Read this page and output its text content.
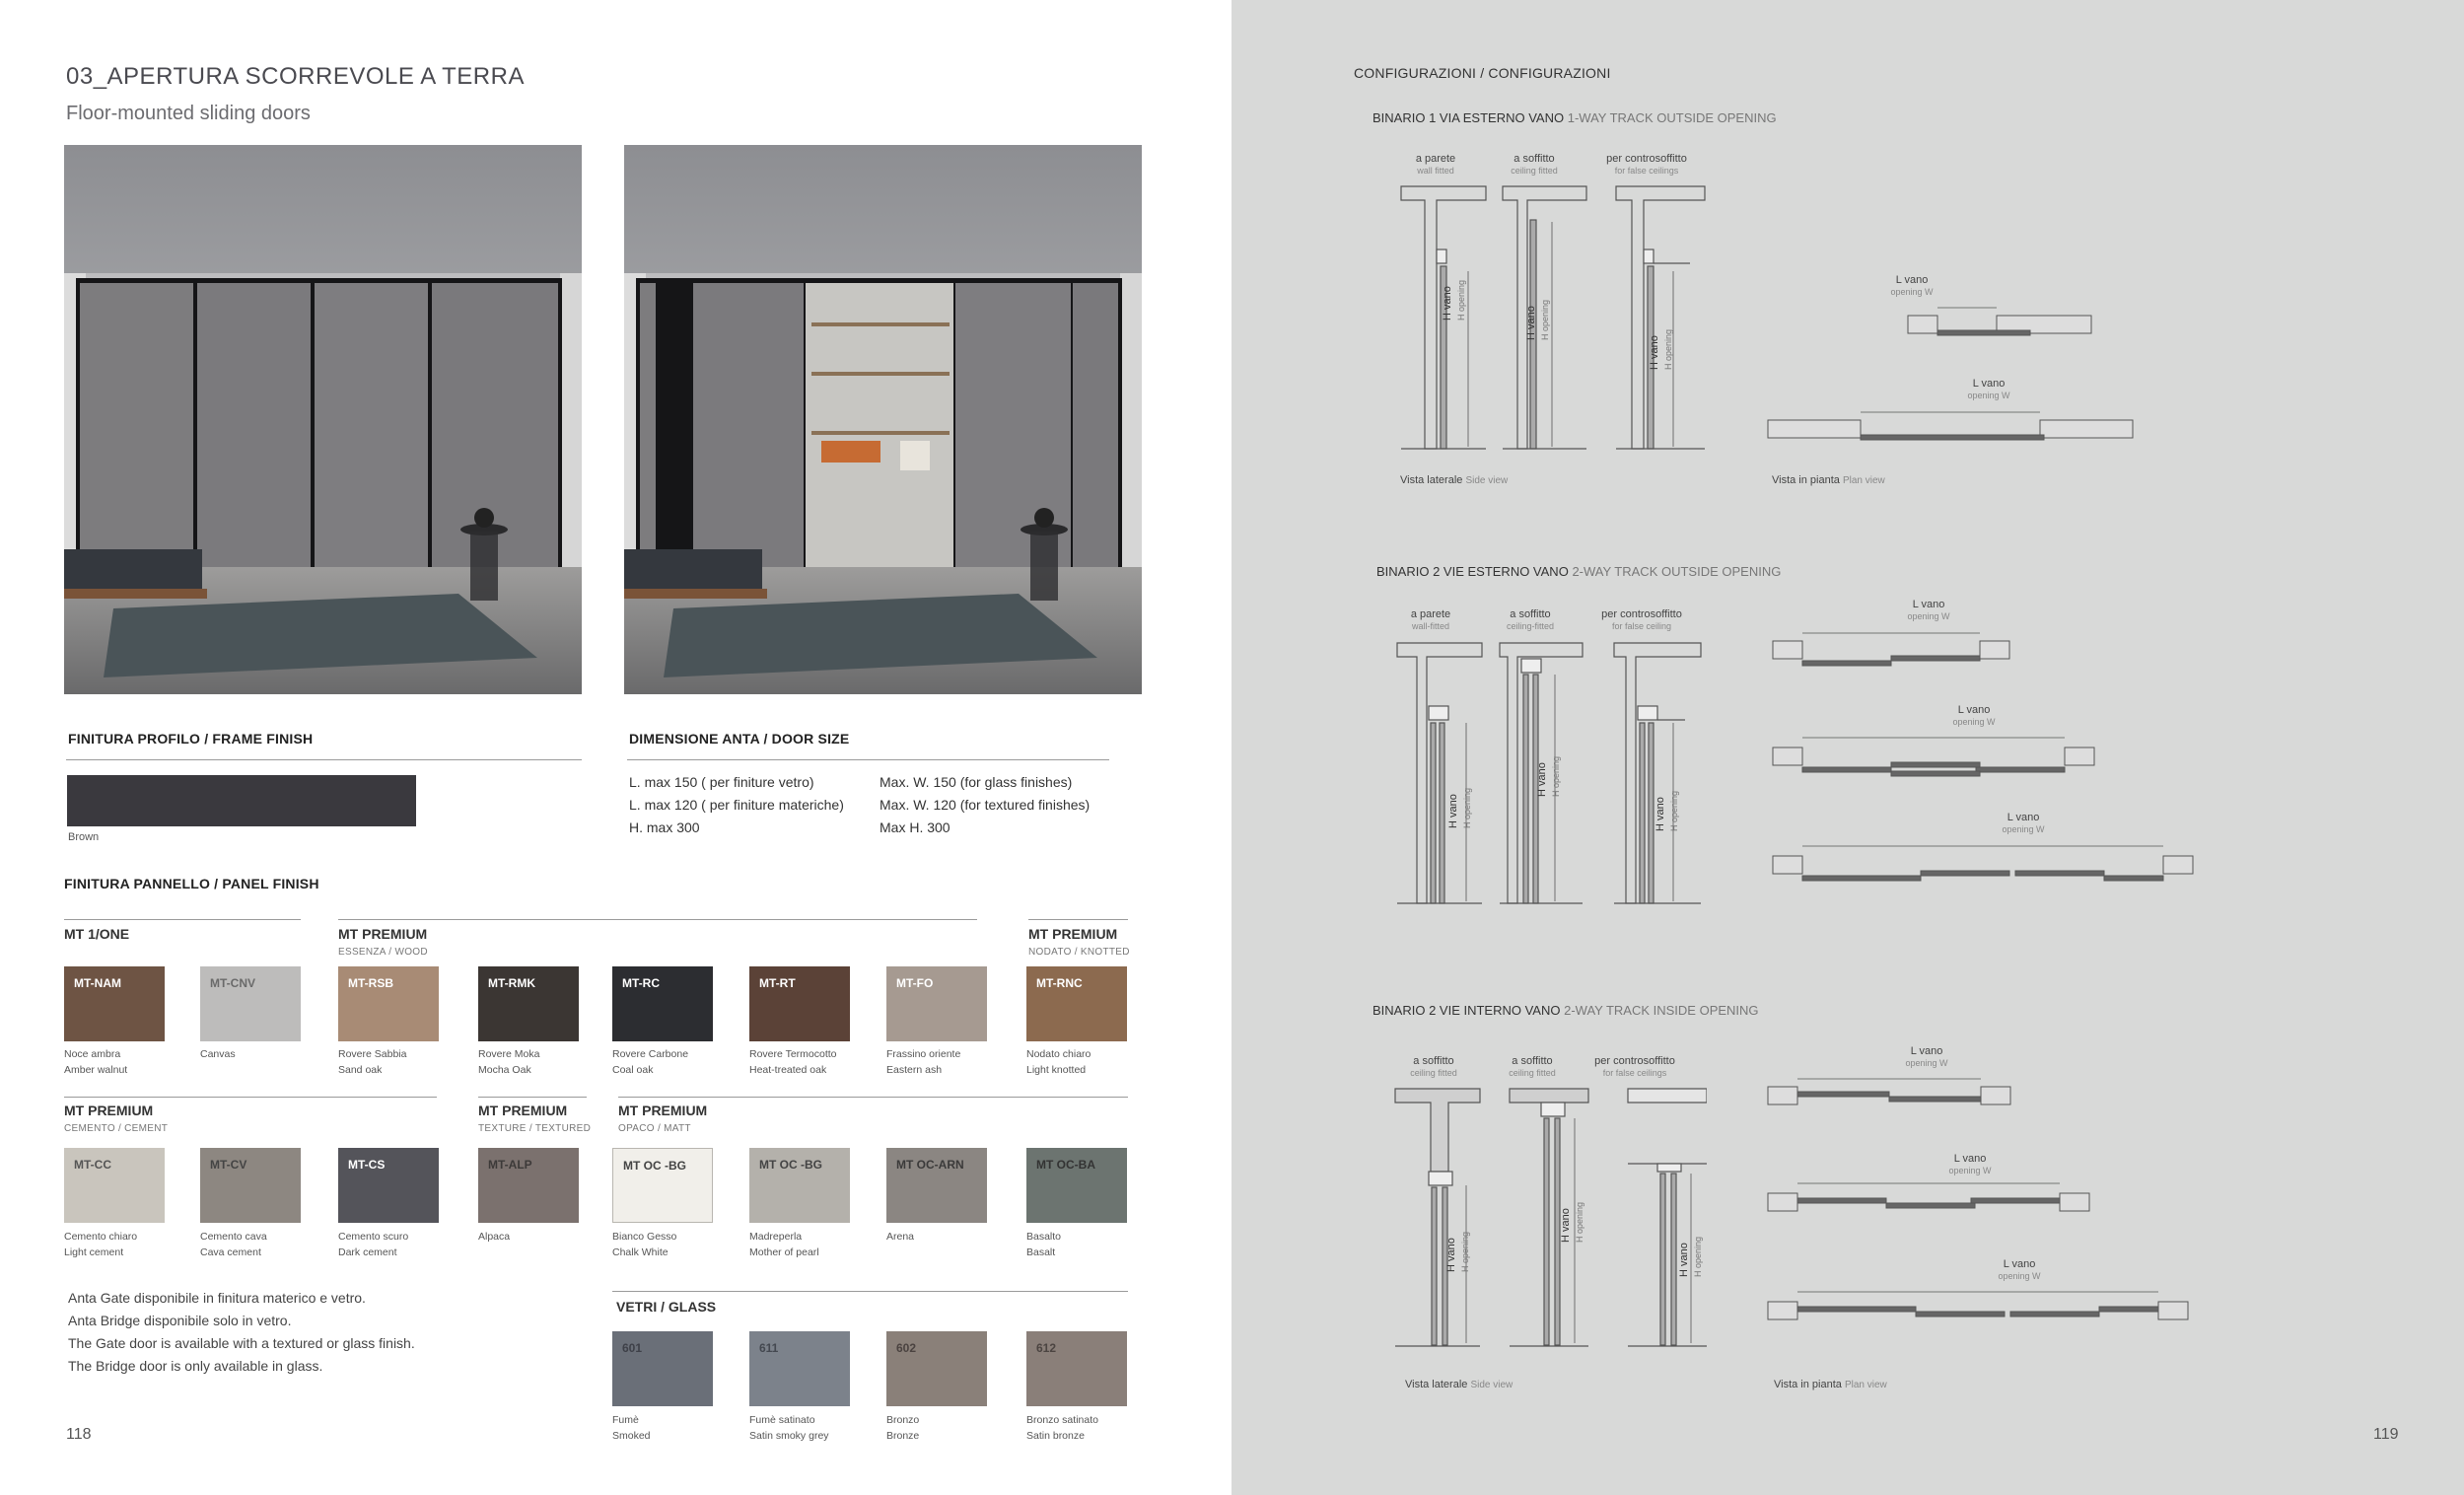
03_APERTURA SCORREVOLE A TERRA
Floor-mounted sliding doors
FINITURA PROFILO / FRAME FINISH
Brown
DIMENSIONE ANTA / DOOR SIZE
L. max 150 ( per finiture vetro)
L. max 120 ( per finiture materiche)
H. max 300
Max. W. 150 (for glass finishes)
Max. W. 120 (for textured finishes)
Max H. 300
FINITURA PANNELLO / PANEL FINISH
MT 1/ONE	MT PREMIUM
ESSENZA / WOOD
MT PREMIUM
NODATO / KNOTTED
MT-NAM
Noce ambra
Amber walnut
MT-CNV
Canvas
MT-RSB
Rovere Sabbia
Sand oak
MT-RMK
Rovere Moka
Mocha Oak
MT-RC
Rovere Carbone
Coal oak
MT-RT
Rovere Termocotto
Heat-treated oak
MT-FO
Frassino oriente
Eastern ash
MT-RNC
Nodato chiaro
Light knotted
MT PREMIUM
CEMENTO / CEMENT
MT PREMIUM
TEXTURE / TEXTURED
MT PREMIUM
OPACO / MATT
MT-CC
Cemento chiaro
Light cement
MT-CV
Cemento cava
Cava cement
MT-CS
Cemento scuro
Dark cement
MT-ALP
Alpaca
MT OC -BG
Bianco Gesso
Chalk White
MT OC -BG
Madreperla
Mother of pearl
MT OC-ARN
Arena
MT OC-BA
Basalto
Basalt
VETRI / GLASS
601
Fumè
Smoked
611
Fumè satinato
Satin smoky grey
602
Bronzo
Bronze
612
Bronzo satinato
Satin bronze
Anta Gate disponibile in finitura materico e vetro.
Anta Bridge disponibile solo in vetro.
The Gate door is available with a textured or glass finish.
The Bridge door is only available in glass.
118
CONFIGURAZIONI / CONFIGURAZIONI
BINARIO 1 VIA ESTERNO VANO 1-WAY TRACK OUTSIDE OPENING
a parete
wall fitted
a soffitto
ceiling fitted
per controsoffitto
for false ceilings
H vano H opening
H vano H opening
H vano H opening
L vano
opening W
L vano
opening W
Vista laterale Side view	Vista in pianta Plan view
BINARIO 2 VIE ESTERNO VANO 2-WAY TRACK OUTSIDE OPENING
a parete
wall-fitted
a soffitto
ceiling-fitted
per controsoffitto
for false ceiling
H vano H opening
H vano H opening
H vano H opening
L vano
opening W
L vano
opening W
L vano
opening W
BINARIO 2 VIE INTERNO VANO 2-WAY TRACK INSIDE OPENING
a soffitto
ceiling fitted
a soffitto
ceiling fitted
per controsoffitto
for false ceilings
H vano H opening
H vano H opening
H vano H opening
L vano
opening W
L vano
opening W
L vano
opening W
Vista laterale Side view	Vista in pianta Plan view
119
